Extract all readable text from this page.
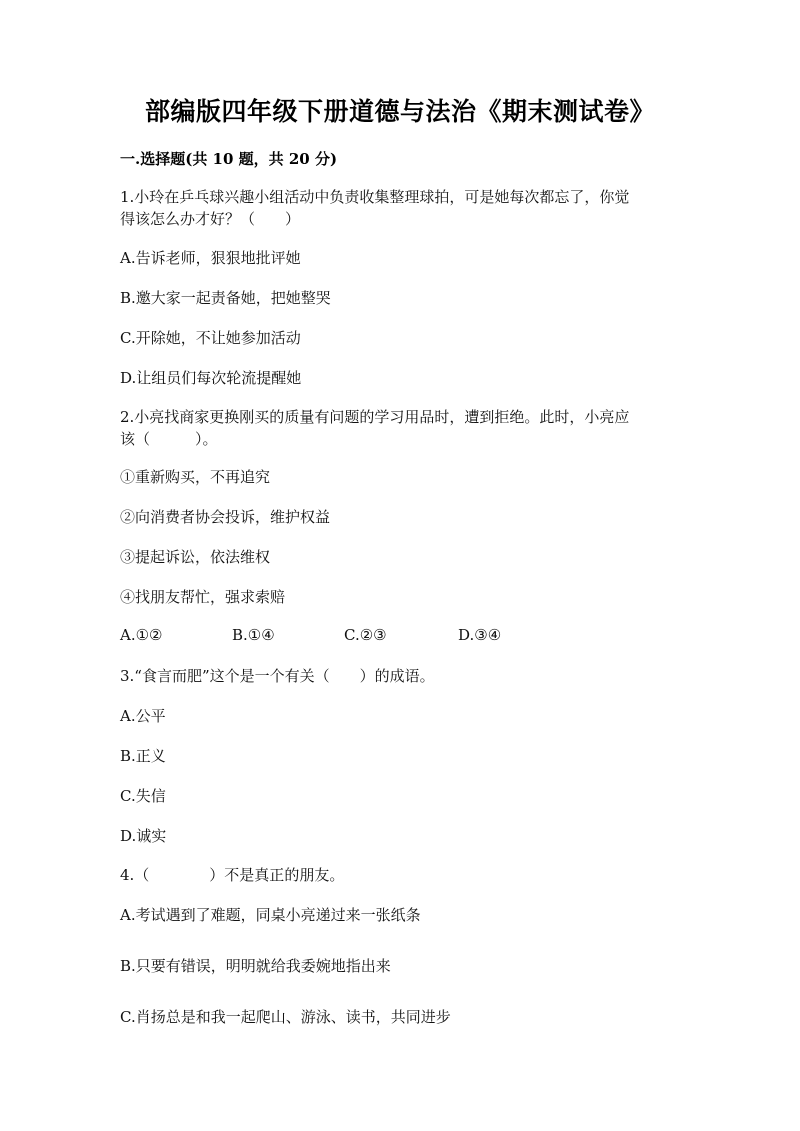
部编版四年级下册道德与法治《期末测试卷》
一.选择题(共 10 题，共 20 分)
1.小玲在乒乓球兴趣小组活动中负责收集整理球拍，可是她每次都忘了，你觉
得该怎么办才好？（　　）
A.告诉老师，狠狠地批评她
B.邀大家一起责备她，把她整哭
C.开除她，不让她参加活动
D.让组员们每次轮流提醒她
2.小亮找商家更换刚买的质量有问题的学习用品时，遭到拒绝。此时，小亮应
该（　　　）。
①重新购买，不再追究
②向消费者协会投诉，维护权益
③提起诉讼，依法维权
④找朋友帮忙，强求索赔
A.①②	B.①④	C.②③	D.③④
3.“食言而肥”这个是一个有关（　　）的成语。
A.公平
B.正义
C.失信
D.诚实
4.（　　　　）不是真正的朋友。
A.考试遇到了难题，同桌小亮递过来一张纸条
B.只要有错误，明明就给我委婉地指出来
C.肖扬总是和我一起爬山、游泳、读书，共同进步
